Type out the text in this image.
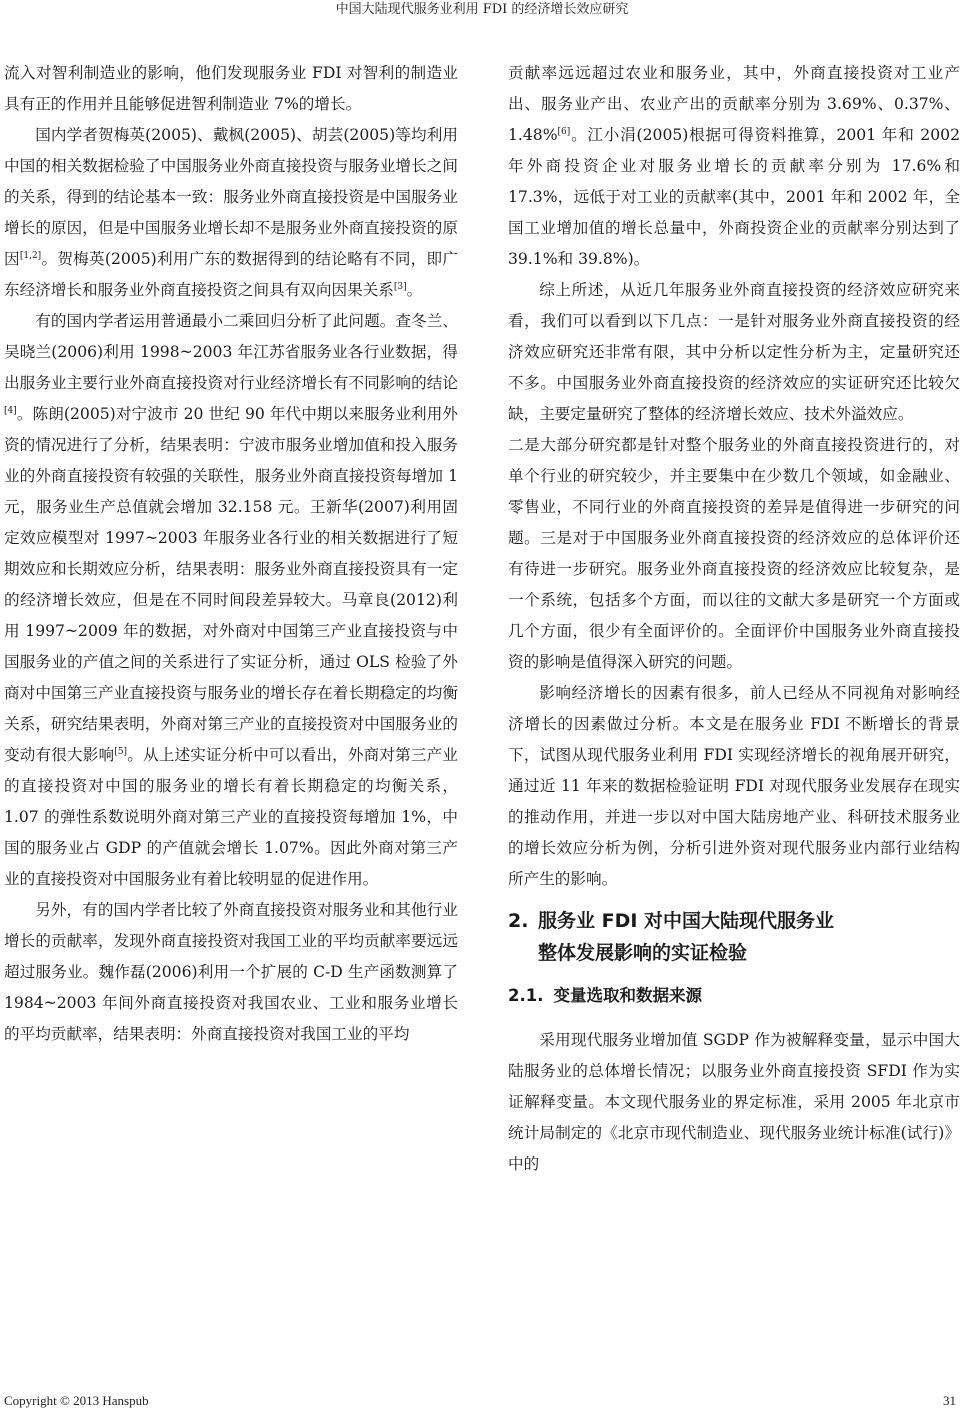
中国大陆现代服务业利用 FDI 的经济增长效应研究

流入对智利制造业的影响，他们发现服务业 FDI 对智利的制造业具有正的作用并且能够促进智利制造业 7%的增长。

国内学者贺梅英(2005)、戴枫(2005)、胡芸(2005)等均利用中国的相关数据检验了中国服务业外商直接投资与服务业增长之间的关系，得到的结论基本一致：服务业外商直接投资是中国服务业增长的原因，但是中国服务业增长却不是服务业外商直接投资的原因[1,2]。贺梅英(2005)利用广东的数据得到的结论略有不同，即广东经济增长和服务业外商直接投资之间具有双向因果关系[3]。

有的国内学者运用普通最小二乘回归分析了此问题。查冬兰、吴晓兰(2006)利用 1998~2003 年江苏省服务业各行业数据，得出服务业主要行业外商直接投资对行业经济增长有不同影响的结论[4]。陈朗(2005)对宁波市 20 世纪 90 年代中期以来服务业利用外资的情况进行了分析，结果表明：宁波市服务业增加值和投入服务业的外商直接投资有较强的关联性，服务业外商直接投资每增加 1 元，服务业生产总值就会增加 32.158 元。王新华(2007)利用固定效应模型对 1997~2003 年服务业各行业的相关数据进行了短期效应和长期效应分析，结果表明：服务业外商直接投资具有一定的经济增长效应，但是在不同时间段差异较大。马章良(2012)利用 1997~2009 年的数据，对外商对中国第三产业直接投资与中国服务业的产值之间的关系进行了实证分析，通过 OLS 检验了外商对中国第三产业直接投资与服务业的增长存在着长期稳定的均衡关系，研究结果表明，外商对第三产业的直接投资对中国服务业的变动有很大影响[5]。从上述实证分析中可以看出，外商对第三产业的直接投资对中国的服务业的增长有着长期稳定的均衡关系，1.07 的弹性系数说明外商对第三产业的直接投资每增加 1%，中国的服务业占 GDP 的产值就会增长 1.07%。因此外商对第三产业的直接投资对中国服务业有着比较明显的促进作用。

另外，有的国内学者比较了外商直接投资对服务业和其他行业增长的贡献率，发现外商直接投资对我国工业的平均贡献率要远远超过服务业。魏作磊(2006)利用一个扩展的 C-D 生产函数测算了 1984~2003 年间外商直接投资对我国农业、工业和服务业增长的平均贡献率，结果表明：外商直接投资对我国工业的平均

贡献率远远超过农业和服务业，其中，外商直接投资对工业产出、服务业产出、农业产出的贡献率分别为 3.69%、0.37%、1.48%[6]。江小涓(2005)根据可得资料推算，2001 年和 2002 年外商投资企业对服务业增长的贡献率分别为 17.6%和 17.3%，远低于对工业的贡献率(其中，2001 年和 2002 年，全国工业增加值的增长总量中，外商投资企业的贡献率分别达到了 39.1%和 39.8%)。

综上所述，从近几年服务业外商直接投资的经济效应研究来看，我们可以看到以下几点：一是针对服务业外商直接投资的经济效应研究还非常有限，其中分析以定性分析为主，定量研究还不多。中国服务业外商直接投资的经济效应的实证研究还比较欠缺，主要定量研究了整体的经济增长效应、技术外溢效应。

二是大部分研究都是针对整个服务业的外商直接投资进行的，对单个行业的研究较少，并主要集中在少数几个领域，如金融业、零售业，不同行业的外商直接投资的差异是值得进一步研究的问题。三是对于中国服务业外商直接投资的经济效应的总体评价还有待进一步研究。服务业外商直接投资的经济效应比较复杂，是一个系统，包括多个方面，而以往的文献大多是研究一个方面或几个方面，很少有全面评价的。全面评价中国服务业外商直接投资的影响是值得深入研究的问题。

影响经济增长的因素有很多，前人已经从不同视角对影响经济增长的因素做过分析。本文是在服务业 FDI 不断增长的背景下，试图从现代服务业利用 FDI 实现经济增长的视角展开研究，通过近 11 年来的数据检验证明 FDI 对现代服务业发展存在现实的推动作用，并进一步以对中国大陆房地产业、科研技术服务业的增长效应分析为例，分析引进外资对现代服务业内部行业结构所产生的影响。

2. 服务业 FDI 对中国大陆现代服务业
整体发展影响的实证检验
2.1. 变量选取和数据来源

采用现代服务业增加值 SGDP 作为被解释变量，显示中国大陆服务业的总体增长情况；以服务业外商直接投资 SFDI 作为实证解释变量。本文现代服务业的界定标准，采用 2005 年北京市统计局制定的《北京市现代制造业、现代服务业统计标准(试行)》中的

Copyright © 2013 Hanspub	31
